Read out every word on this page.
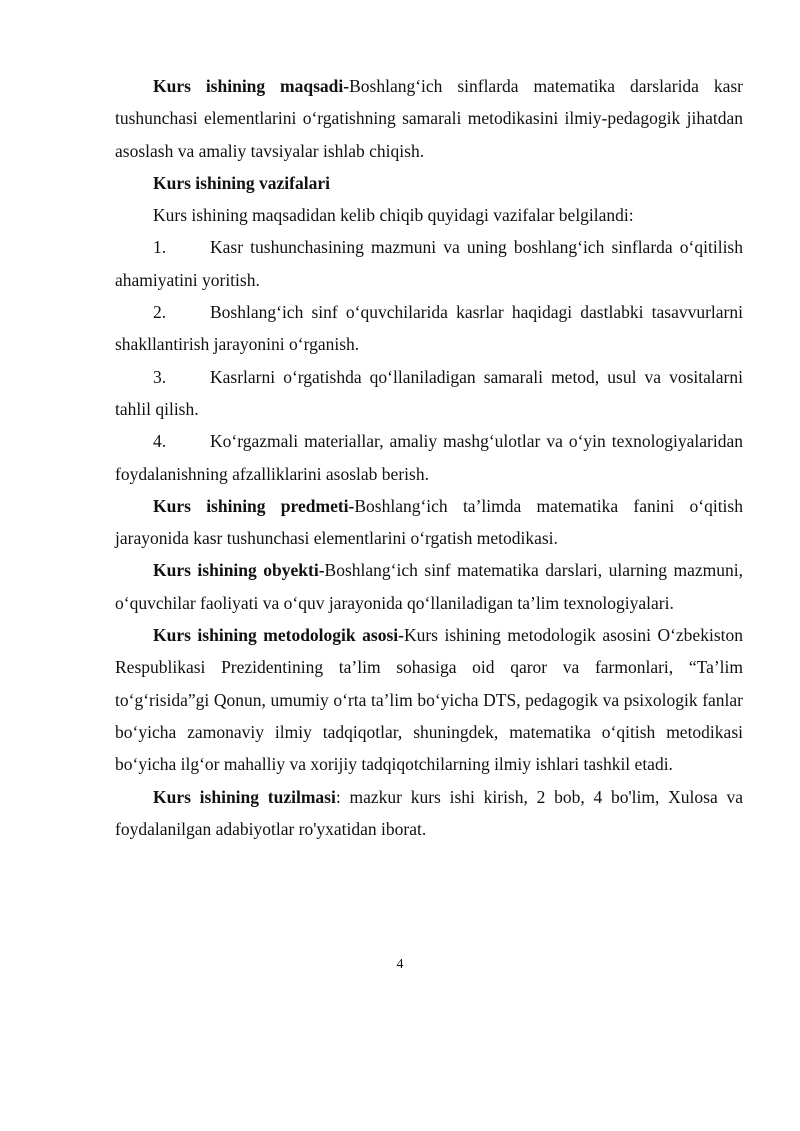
Kurs ishining maqsadi-Boshlang‘ich sinflarda matematika darslarida kasr tushunchasi elementlarini o‘rgatishning samarali metodikasini ilmiy-pedagogik jihatdan asoslash va amaliy tavsiyalar ishlab chiqish.

Kurs ishining vazifalari

Kurs ishining maqsadidan kelib chiqib quyidagi vazifalar belgilandi:

1.	Kasr tushunchasining mazmuni va uning boshlang‘ich sinflarda o‘qitilish ahamiyatini yoritish.

2.	Boshlang‘ich sinf o‘quvchilarida kasrlar haqidagi dastlabki tasavvurlarni shakllantirish jarayonini o‘rganish.

3.	Kasrlarni o‘rgatishda qo‘llaniladigan samarali metod, usul va vositalarni tahlil qilish.

4.	Ko‘rgazmali materiallar, amaliy mashg‘ulotlar va o‘yin texnologiyalaridan foydalanishning afzalliklarini asoslab berish.

Kurs ishining predmeti-Boshlang‘ich ta’limda matematika fanini o‘qitish jarayonida kasr tushunchasi elementlarini o‘rgatish metodikasi.

Kurs ishining obyekti-Boshlang‘ich sinf matematika darslari, ularning mazmuni, o‘quvchilar faoliyati va o‘quv jarayonida qo‘llaniladigan ta’lim texnologiyalari.

Kurs ishining metodologik asosi-Kurs ishining metodologik asosini O‘zbekiston Respublikasi Prezidentining ta’lim sohasiga oid qaror va farmonlari, “Ta’lim to‘g‘risida”gi Qonun, umumiy o‘rta ta’lim bo‘yicha DTS, pedagogik va psixologik fanlar bo‘yicha zamonaviy ilmiy tadqiqotlar, shuningdek, matematika o‘qitish metodikasi bo‘yicha ilg‘or mahalliy va xorijiy tadqiqotchilarning ilmiy ishlari tashkil etadi.

Kurs ishining tuzilmasi: mazkur kurs ishi kirish, 2 bob, 4 bo'lim, Xulosa va foydalanilgan adabiyotlar ro'yxatidan iborat.

4
